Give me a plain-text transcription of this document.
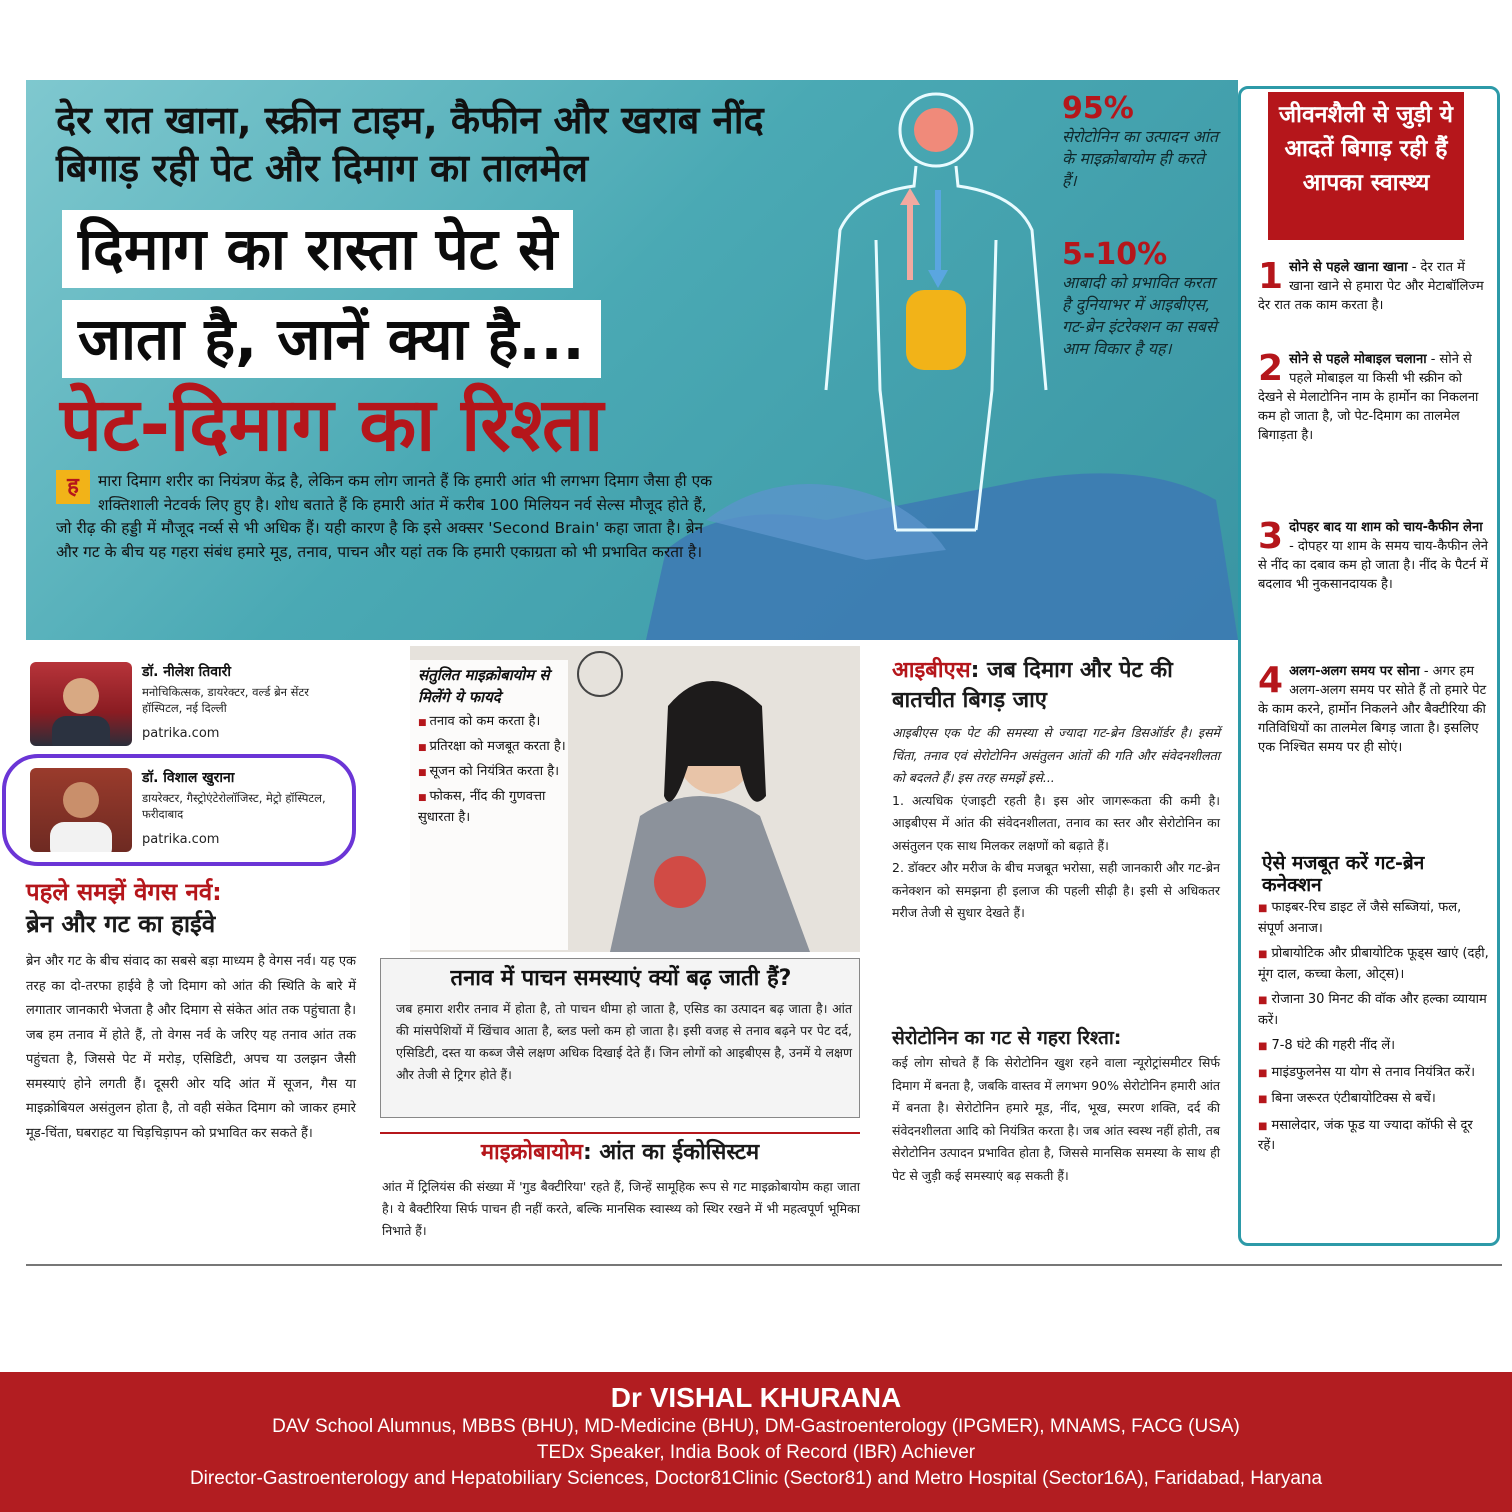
देर रात खाना, स्क्रीन टाइम, कैफीन और खराब नींद बिगाड़ रही पेट और दिमाग का तालमेल
दिमाग का रास्ता पेट से
जाता है, जानें क्या है...
पेट-दिमाग का रिश्ता
ह	मारा दिमाग शरीर का नियंत्रण केंद्र है, लेकिन कम लोग जानते हैं कि हमारी आंत भी लगभग दिमाग जैसा ही एक शक्तिशाली नेटवर्क लिए हुए है। शोध बताते हैं कि हमारी आंत में करीब 100 मिलियन नर्व सेल्स मौजूद होते हैं, जो रीढ़ की हड्डी में मौजूद नर्व्स से भी अधिक हैं। यही कारण है कि इसे अक्सर 'Second Brain' कहा जाता है। ब्रेन और गट के बीच यह गहरा संबंध हमारे मूड, तनाव, पाचन और यहां तक कि हमारी एकाग्रता को भी प्रभावित करता है।
95%
सेरोटोनिन का उत्पादन आंत के माइक्रोबायोम ही करते हैं।
5-10%
आबादी को प्रभावित करता है दुनियाभर में आइबीएस, गट-ब्रेन इंटरेक्शन का सबसे आम विकार है यह।
जीवनशैली से जुड़ी ये आदतें बिगाड़ रही हैं आपका स्वास्थ्य
1 सोने से पहले खाना खाना - देर रात में खाना खाने से हमारा पेट और मेटाबॉलिज्म देर रात तक काम करता है।
2 सोने से पहले मोबाइल चलाना - सोने से पहले मोबाइल या किसी भी स्क्रीन को देखने से मेलाटोनिन नाम के हार्मोन का निकलना कम हो जाता है, जो पेट-दिमाग का तालमेल बिगाड़ता है।
3 दोपहर बाद या शाम को चाय-कैफीन लेना - दोपहर या शाम के समय चाय-कैफीन लेने से नींद का दबाव कम हो जाता है। नींद के पैटर्न में बदलाव भी नुकसानदायक है।
4 अलग-अलग समय पर सोना - अगर हम अलग-अलग समय पर सोते हैं तो हमारे पेट के काम करने, हार्मोन निकलने और बैक्टीरिया की गतिविधियों का तालमेल बिगड़ जाता है। इसलिए एक निश्चित समय पर ही सोएं।
ऐसे मजबूत करें गट-ब्रेन कनेक्शन
■ फाइबर-रिच डाइट लें जैसे सब्जियां, फल, संपूर्ण अनाज।
■ प्रोबायोटिक और प्रीबायोटिक फूड्स खाएं (दही, मूंग दाल, कच्चा केला, ओट्स)।
■ रोजाना 30 मिनट की वॉक और हल्का व्यायाम करें।
■ 7-8 घंटे की गहरी नींद लें।
■ माइंडफुलनेस या योग से तनाव नियंत्रित करें।
■ बिना जरूरत एंटीबायोटिक्स से बचें।
■ मसालेदार, जंक फूड या ज्यादा कॉफी से दूर रहें।
डॉ. नीलेश तिवारी
मनोचिकित्सक, डायरेक्टर, वर्ल्ड ब्रेन सेंटर हॉस्पिटल, नई दिल्ली
patrika.com
डॉ. विशाल खुराना
डायरेक्टर, गैस्ट्रोएंटेरोलॉजिस्ट, मेट्रो हॉस्पिटल, फरीदाबाद
patrika.com
पहले समझें वेगस नर्व:
ब्रेन और गट का हाईवे
ब्रेन और गट के बीच संवाद का सबसे बड़ा माध्यम है वेगस नर्व। यह एक तरह का दो-तरफा हाईवे है जो दिमाग को आंत की स्थिति के बारे में लगातार जानकारी भेजता है और दिमाग से संकेत आंत तक पहुंचाता है। जब हम तनाव में होते हैं, तो वेगस नर्व के जरिए यह तनाव आंत तक पहुंचता है, जिससे पेट में मरोड़, एसिडिटी, अपच या उलझन जैसी समस्याएं होने लगती हैं। दूसरी ओर यदि आंत में सूजन, गैस या माइक्रोबियल असंतुलन होता है, तो वही संकेत दिमाग को जाकर हमारे मूड-चिंता, घबराहट या चिड़चिड़ापन को प्रभावित कर सकते हैं।
संतुलित माइक्रोबायोम से मिलेंगे ये फायदे
■ तनाव को कम करता है।
■ प्रतिरक्षा को मजबूत करता है।
■ सूजन को नियंत्रित करता है।
■ फोकस, नींद की गुणवत्ता सुधारता है।
तनाव में पाचन समस्याएं क्यों बढ़ जाती हैं?
जब हमारा शरीर तनाव में होता है, तो पाचन धीमा हो जाता है, एसिड का उत्पादन बढ़ जाता है। आंत की मांसपेशियों में खिंचाव आता है, ब्लड फ्लो कम हो जाता है। इसी वजह से तनाव बढ़ने पर पेट दर्द, एसिडिटी, दस्त या कब्ज जैसे लक्षण अधिक दिखाई देते हैं। जिन लोगों को आइबीएस है, उनमें ये लक्षण और तेजी से ट्रिगर होते हैं।
माइक्रोबायोम: आंत का ईकोसिस्टम
आंत में ट्रिलियंस की संख्या में 'गुड बैक्टीरिया' रहते हैं, जिन्हें सामूहिक रूप से गट माइक्रोबायोम कहा जाता है। ये बैक्टीरिया सिर्फ पाचन ही नहीं करते, बल्कि मानसिक स्वास्थ्य को स्थिर रखने में भी महत्वपूर्ण भूमिका निभाते हैं।
आइबीएस: जब दिमाग और पेट की बातचीत बिगड़ जाए
आइबीएस एक पेट की समस्या से ज्यादा गट-ब्रेन डिसऑर्डर है। इसमें चिंता, तनाव एवं सेरोटोनिन असंतुलन आंतों की गति और संवेदनशीलता को बदलते हैं। इस तरह समझें इसे...
1. अत्यधिक एंजाइटी रहती है। इस ओर जागरूकता की कमी है। आइबीएस में आंत की संवेदनशीलता, तनाव का स्तर और सेरोटोनिन का असंतुलन एक साथ मिलकर लक्षणों को बढ़ाते हैं।
2. डॉक्टर और मरीज के बीच मजबूत भरोसा, सही जानकारी और गट-ब्रेन कनेक्शन को समझना ही इलाज की पहली सीढ़ी है। इसी से अधिकतर मरीज तेजी से सुधार देखते हैं।
सेरोटोनिन का गट से गहरा रिश्ता:
कई लोग सोचते हैं कि सेरोटोनिन खुश रहने वाला न्यूरोट्रांसमीटर सिर्फ दिमाग में बनता है, जबकि वास्तव में लगभग 90% सेरोटोनिन हमारी आंत में बनता है। सेरोटोनिन हमारे मूड, नींद, भूख, स्मरण शक्ति, दर्द की संवेदनशीलता आदि को नियंत्रित करता है। जब आंत स्वस्थ नहीं होती, तब सेरोटोनिन उत्पादन प्रभावित होता है, जिससे मानसिक समस्या के साथ ही पेट से जुड़ी कई समस्याएं बढ़ सकती हैं।
Dr VISHAL KHURANA
DAV School Alumnus, MBBS (BHU), MD-Medicine (BHU), DM-Gastroenterology (IPGMER), MNAMS, FACG (USA)
TEDx Speaker, India Book of Record (IBR) Achiever
Director-Gastroenterology and Hepatobiliary Sciences, Doctor81Clinic (Sector81) and Metro Hospital (Sector16A), Faridabad, Haryana
